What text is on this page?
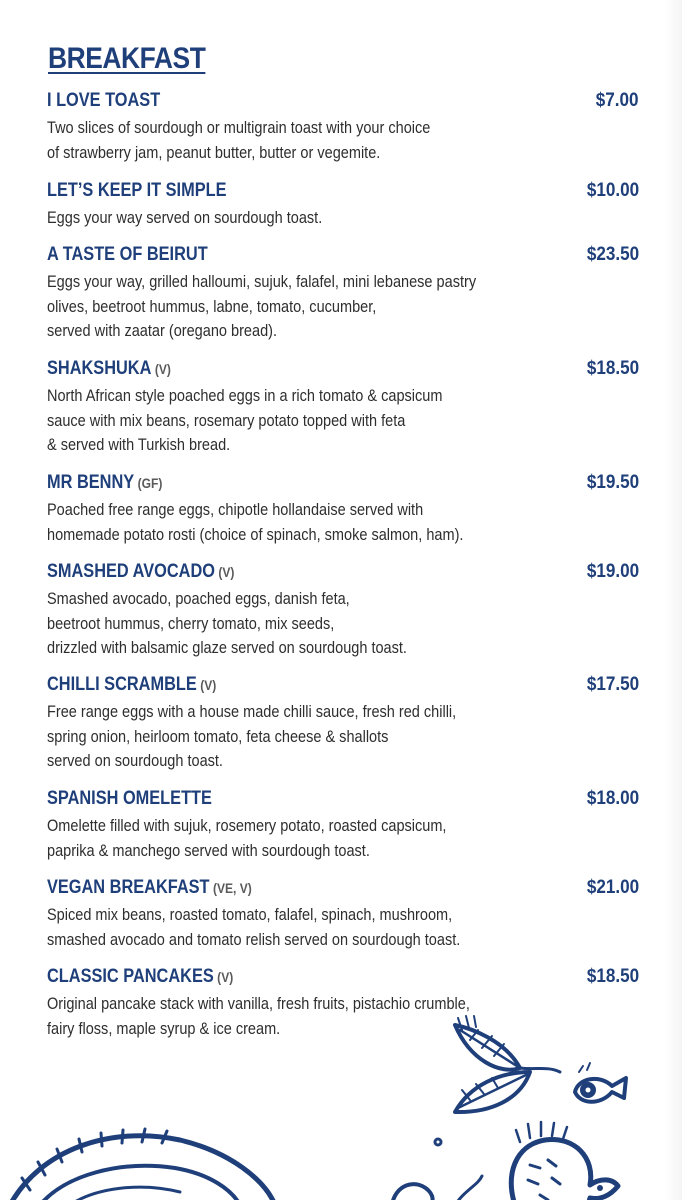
BREAKFAST
I LOVE TOAST	$7.00

Two slices of sourdough or multigrain toast with your choice
of strawberry jam, peanut butter, butter or vegemite.

LET’S KEEP IT SIMPLE	$10.00

Eggs your way served on sourdough toast.

A TASTE OF BEIRUT	$23.50

Eggs your way, grilled halloumi, sujuk, falafel, mini lebanese pastry
olives, beetroot hummus, labne, tomato, cucumber,
served with zaatar (oregano bread).

SHAKSHUKA (V)	$18.50

North African style poached eggs in a rich tomato & capsicum
sauce with mix beans, rosemary potato topped with feta
& served with Turkish bread.

MR BENNY (GF)	$19.50

Poached free range eggs, chipotle hollandaise served with
homemade potato rosti (choice of spinach, smoke salmon, ham).

SMASHED AVOCADO (V)	$19.00

Smashed avocado, poached eggs, danish feta,
beetroot hummus, cherry tomato, mix seeds,
drizzled with balsamic glaze served on sourdough toast.

CHILLI SCRAMBLE (V)	$17.50

Free range eggs with a house made chilli sauce, fresh red chilli,
spring onion, heirloom tomato, feta cheese & shallots
served on sourdough toast.

SPANISH OMELETTE	$18.00

Omelette filled with sujuk, rosemery potato, roasted capsicum,
paprika & manchego served with sourdough toast.

VEGAN BREAKFAST (VE, V)	$21.00

Spiced mix beans, roasted tomato, falafel, spinach, mushroom,
smashed avocado and tomato relish served on sourdough toast.

CLASSIC PANCAKES (V)	$18.50

Original pancake stack with vanilla, fresh fruits, pistachio crumble,
fairy floss, maple syrup & ice cream.
